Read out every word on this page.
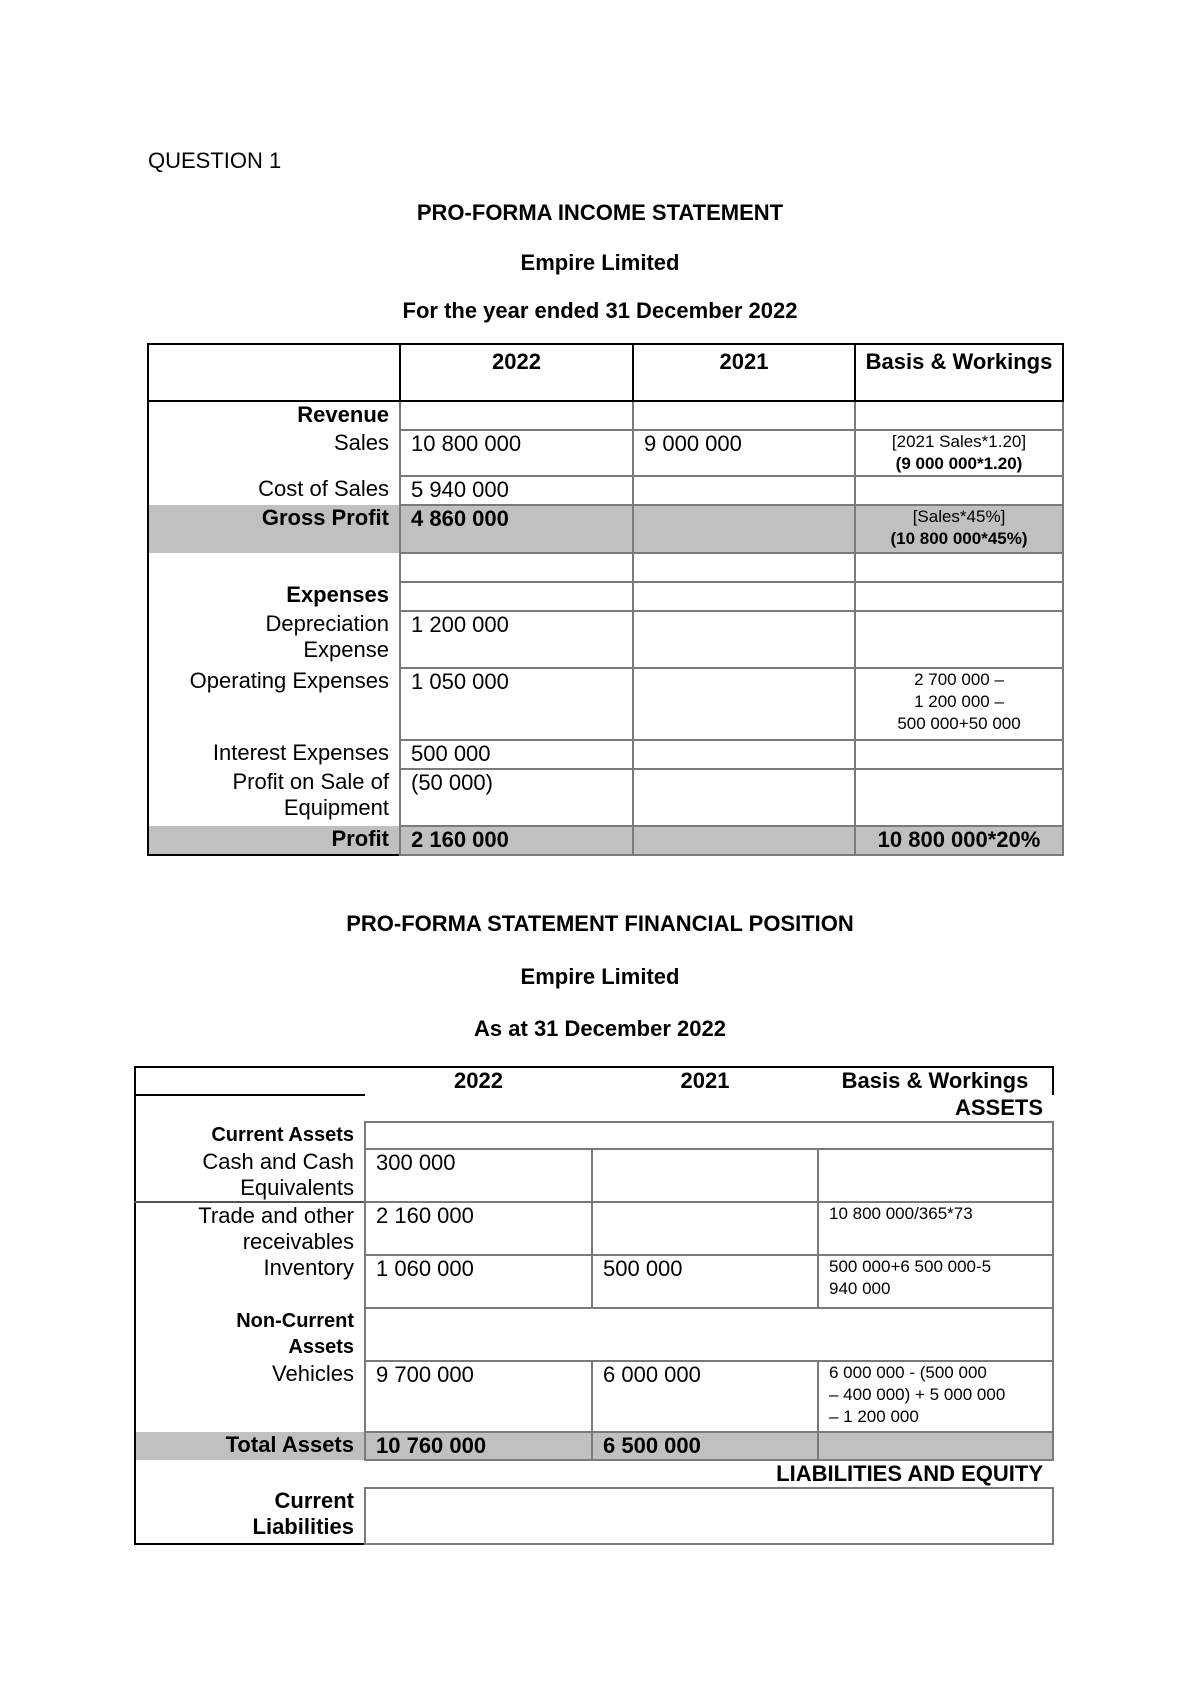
QUESTION 1
PRO-FORMA INCOME STATEMENT
Empire Limited
For the year ended 31 December 2022
	2022	2021	Basis & Workings
Revenue			
Sales	10 800 000	9 000 000	[2021 Sales*1.20]
(9 000 000*1.20)

Cost of Sales	5 940 000		
Gross Profit	4 860 000		[Sales*45%]
(10 800 000*45%)

Expenses			

Depreciation
Expense	1 200 000		
Operating Expenses	1 050 000		2 700 000 –
1 200 000 –
500 000+50 000

Interest Expenses	500 000		

Profit on Sale of
Equipment	(50 000)		
Profit	2 160 000		10 800 000*20%
PRO-FORMA STATEMENT FINANCIAL POSITION
Empire Limited
As at 31 December 2022
	2022	2021	Basis & Workings
	ASSETS		
Current Assets			

Cash and Cash
Equivalents	300 000		

Trade and other
receivables	2 160 000		10 800 000/365*73
Inventory	1 060 000	500 000	500 000+6 500 000-5
940 000

Non-Current
Assets			

Vehicles	9 700 000	6 000 000	6 000 000 - (500 000
– 400 000) + 5 000 000
– 1 200 000

Total Assets	10 760 000	6 500 000	
	LIABILITIES AND EQUITY		

Current
Liabilities			
